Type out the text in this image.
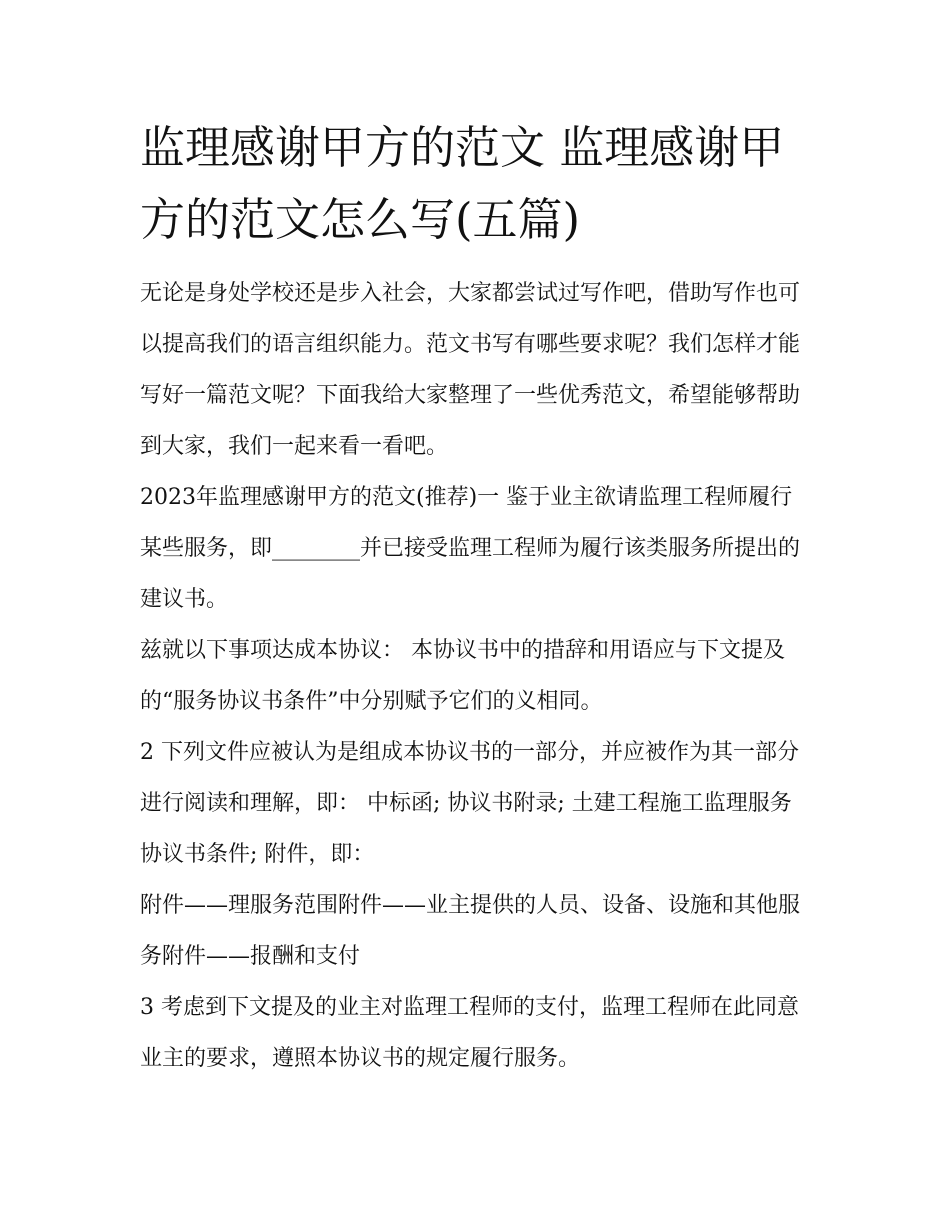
监理感谢甲方的范文 监理感谢甲方的范文怎么写(五篇)

无论是身处学校还是步入社会，大家都尝试过写作吧，借助写作也可以提高我们的语言组织能力。范文书写有哪些要求呢？我们怎样才能写好一篇范文呢？下面我给大家整理了一些优秀范文，希望能够帮助到大家，我们一起来看一看吧。

2023年监理感谢甲方的范文(推荐)一 鉴于业主欲请监理工程师履行某些服务，即________并已接受监理工程师为履行该类服务所提出的建议书。

兹就以下事项达成本协议： 本协议书中的措辞和用语应与下文提及的“服务协议书条件”中分别赋予它们的义相同。

2 下列文件应被认为是组成本协议书的一部分，并应被作为其一部分进行阅读和理解，即： 中标函; 协议书附录; 土建工程施工监理服务协议书条件; 附件，即：

附件——理服务范围附件——业主提供的人员、设备、设施和其他服务附件——报酬和支付

3 考虑到下文提及的业主对监理工程师的支付，监理工程师在此同意业主的要求，遵照本协议书的规定履行服务。
